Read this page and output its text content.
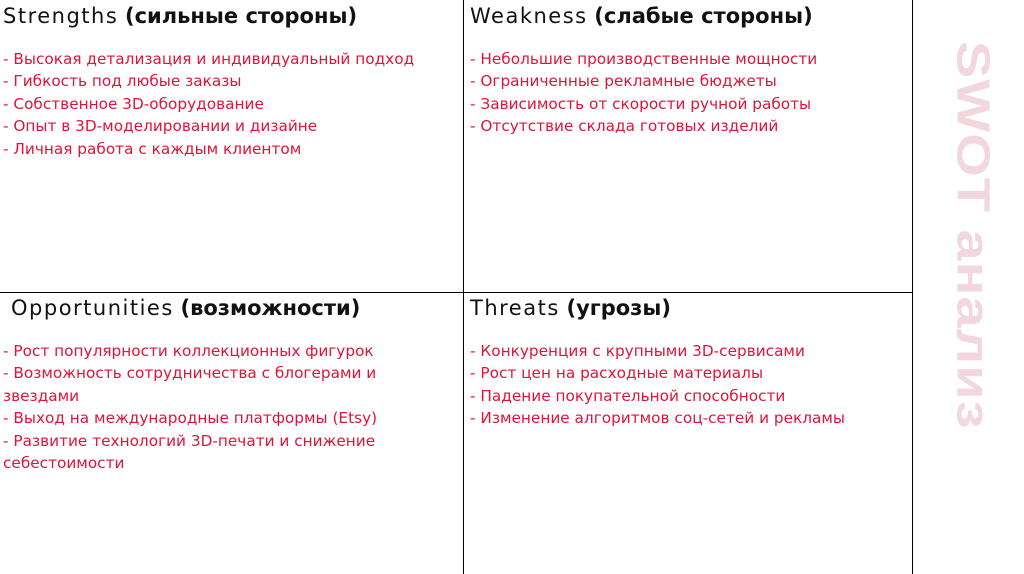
Strengths (сильные стороны)
- Высокая детализация и индивидуальный подход
- Гибкость под любые заказы
- Собственное 3D-оборудование
- Опыт в 3D-моделировании и дизайне
- Личная работа с каждым клиентом
Weakness (слабые стороны)
- Небольшие производственные мощности
- Ограниченные рекламные бюджеты
- Зависимость от скорости ручной работы
- Отсутствие склада готовых изделий
Opportunities (возможности)
- Рост популярности коллекционных фигурок
- Возможность сотрудничества с блогерами и звездами
- Выход на международные платформы (Etsy)
- Развитие технологий 3D-печати и снижение себестоимости
Threats (угрозы)
- Конкуренция с крупными 3D-сервисами
- Рост цен на расходные материалы
- Падение покупательной способности
- Изменение алгоритмов соц-сетей и рекламы	SWOT анализ
